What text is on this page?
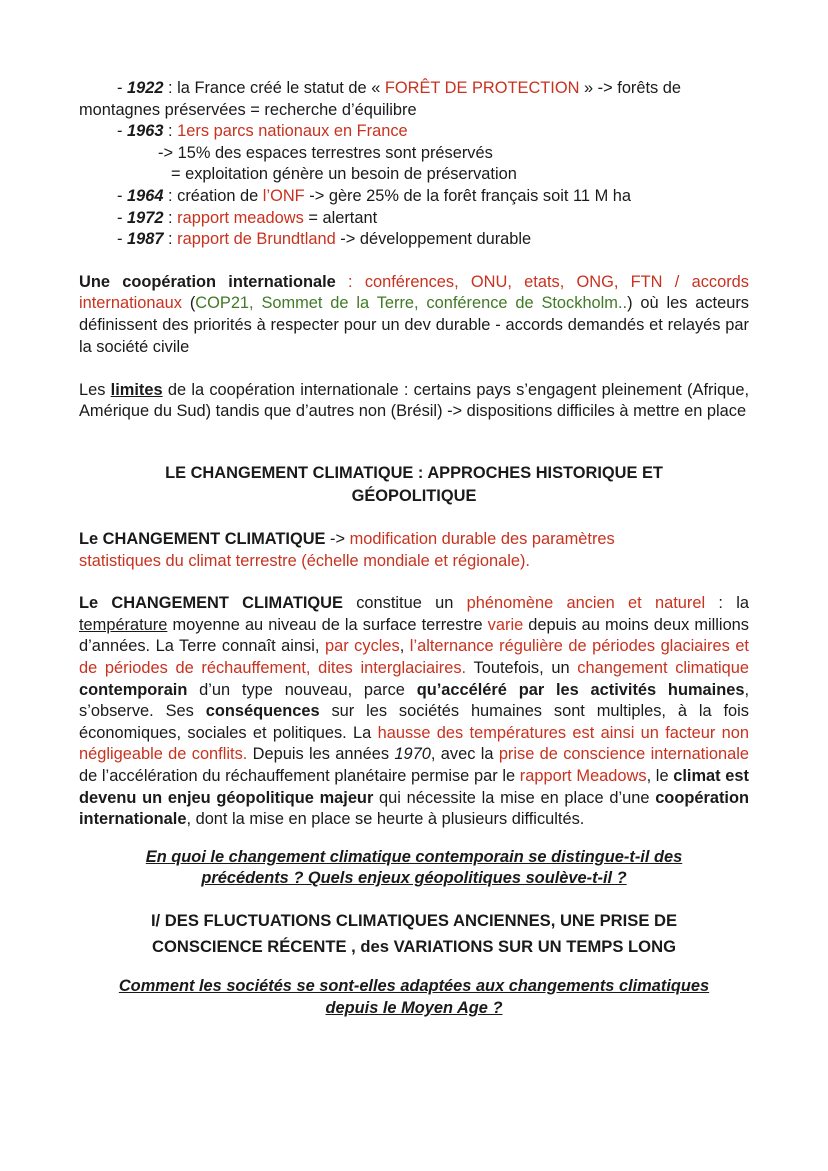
- 1922 : la France créé le statut de « FORÊT DE PROTECTION » -> forêts de

montagnes préservées = recherche d’équilibre

- 1963 : 1ers parcs nationaux en France

-> 15% des espaces terrestres sont préservés

= exploitation génère un besoin de préservation

- 1964 : création de l’ONF -> gère 25% de la forêt français soit 11 M ha

- 1972 : rapport meadows = alertant

- 1987 : rapport de Brundtland -> développement durable

Une coopération internationale : conférences, ONU, etats, ONG, FTN / accords internationaux (COP21, Sommet de la Terre, conférence de Stockholm..) où les acteurs définissent des priorités à respecter pour un dev durable - accords demandés et relayés par la société civile

Les limites de la coopération internationale : certains pays s’engagent pleinement (Afrique, Amérique du Sud) tandis que d’autres non (Brésil) -> dispositions difficiles à mettre en place

LE CHANGEMENT CLIMATIQUE : APPROCHES HISTORIQUE ET

GÉOPOLITIQUE

Le CHANGEMENT CLIMATIQUE -> modification durable des paramètres

statistiques du climat terrestre (échelle mondiale et régionale).

Le CHANGEMENT CLIMATIQUE constitue un phénomène ancien et naturel : la température moyenne au niveau de la surface terrestre varie depuis au moins deux millions d’années. La Terre connaît ainsi, par cycles, l’alternance régulière de périodes glaciaires et de périodes de réchauffement, dites interglaciaires. Toutefois, un changement climatique contemporain d’un type nouveau, parce qu’accéléré par les activités humaines, s’observe. Ses conséquences sur les sociétés humaines sont multiples, à la fois économiques, sociales et politiques. La hausse des températures est ainsi un facteur non négligeable de conflits. Depuis les années 1970, avec la prise de conscience internationale de l’accélération du réchauffement planétaire permise par le rapport Meadows, le climat est devenu un enjeu géopolitique majeur qui nécessite la mise en place d’une coopération internationale, dont la mise en place se heurte à plusieurs difficultés.

En quoi le changement climatique contemporain se distingue-t-il des

précédents ? Quels enjeux géopolitiques soulève-t-il ?

I/ DES FLUCTUATIONS CLIMATIQUES ANCIENNES, UNE PRISE DE

CONSCIENCE RÉCENTE , des VARIATIONS SUR UN TEMPS LONG

Comment les sociétés se sont-elles adaptées aux changements climatiques

depuis le Moyen Age ?
